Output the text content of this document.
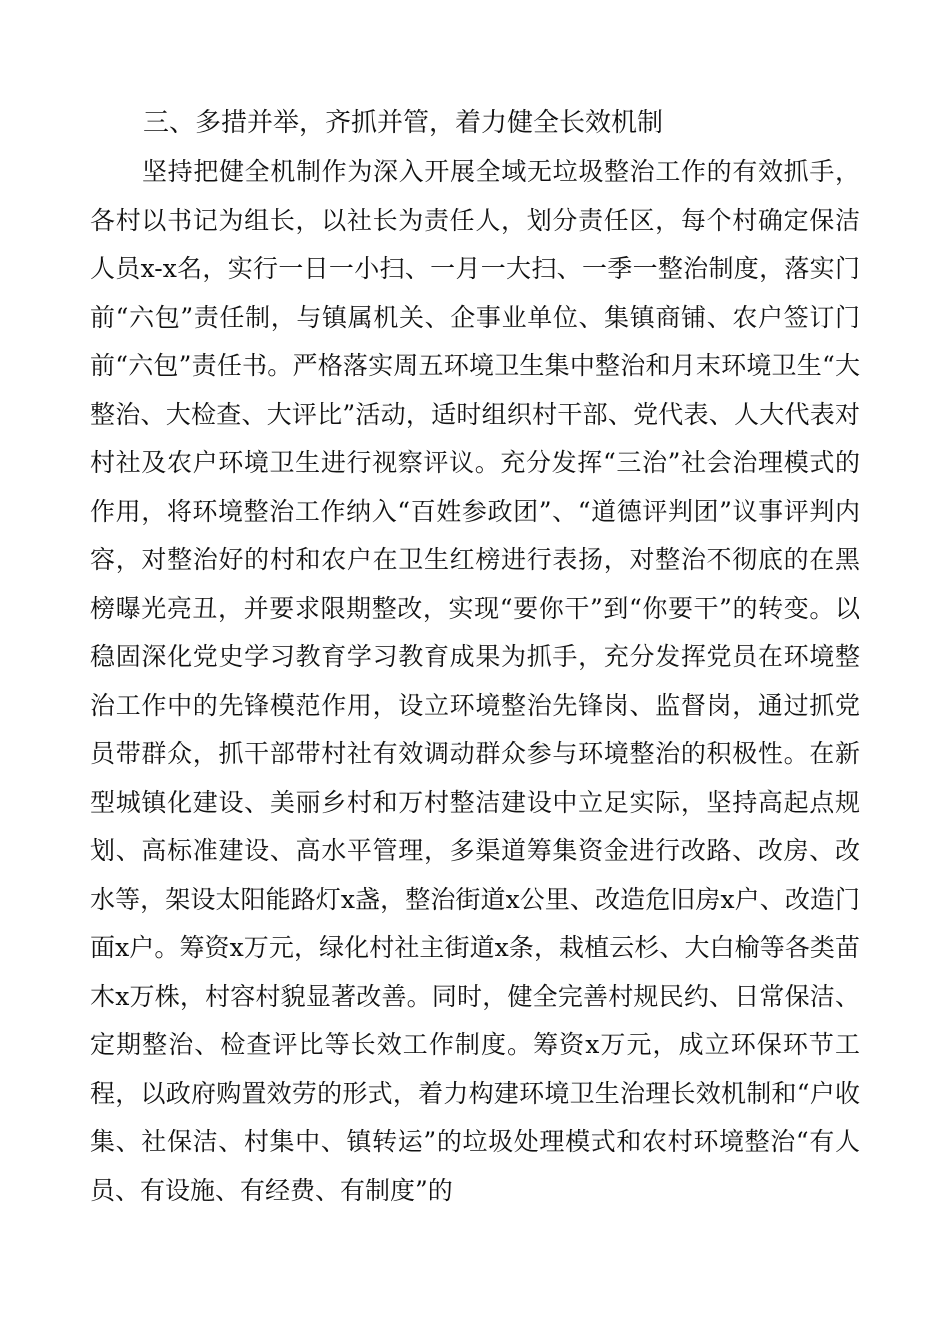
三、多措并举，齐抓并管，着力健全长效机制

坚持把健全机制作为深入开展全域无垃圾整治工作的有效抓手，各村以书记为组长，以社长为责任人，划分责任区，每个村确定保洁人员x-x名，实行一日一小扫、一月一大扫、一季一整治制度，落实门前“六包”责任制，与镇属机关、企事业单位、集镇商铺、农户签订门前“六包”责任书。严格落实周五环境卫生集中整治和月末环境卫生“大整治、大检查、大评比”活动，适时组织村干部、党代表、人大代表对村社及农户环境卫生进行视察评议。充分发挥“三治”社会治理模式的作用，将环境整治工作纳入“百姓参政团”、“道德评判团”议事评判内容，对整治好的村和农户在卫生红榜进行表扬，对整治不彻底的在黑榜曝光亮丑，并要求限期整改，实现“要你干”到“你要干”的转变。以稳固深化党史学习教育学习教育成果为抓手，充分发挥党员在环境整治工作中的先锋模范作用，设立环境整治先锋岗、监督岗，通过抓党员带群众，抓干部带村社有效调动群众参与环境整治的积极性。在新型城镇化建设、美丽乡村和万村整洁建设中立足实际，坚持高起点规划、高标准建设、高水平管理，多渠道筹集资金进行改路、改房、改水等，架设太阳能路灯x盏，整治街道x公里、改造危旧房x户、改造门面x户。筹资x万元，绿化村社主街道x条，栽植云杉、大白榆等各类苗木x万株，村容村貌显著改善。同时，健全完善村规民约、日常保洁、定期整治、检查评比等长效工作制度。筹资x万元，成立环保环节工程，以政府购置效劳的形式，着力构建环境卫生治理长效机制和“户收集、社保洁、村集中、镇转运”的垃圾处理模式和农村环境整治“有人员、有设施、有经费、有制度”的
